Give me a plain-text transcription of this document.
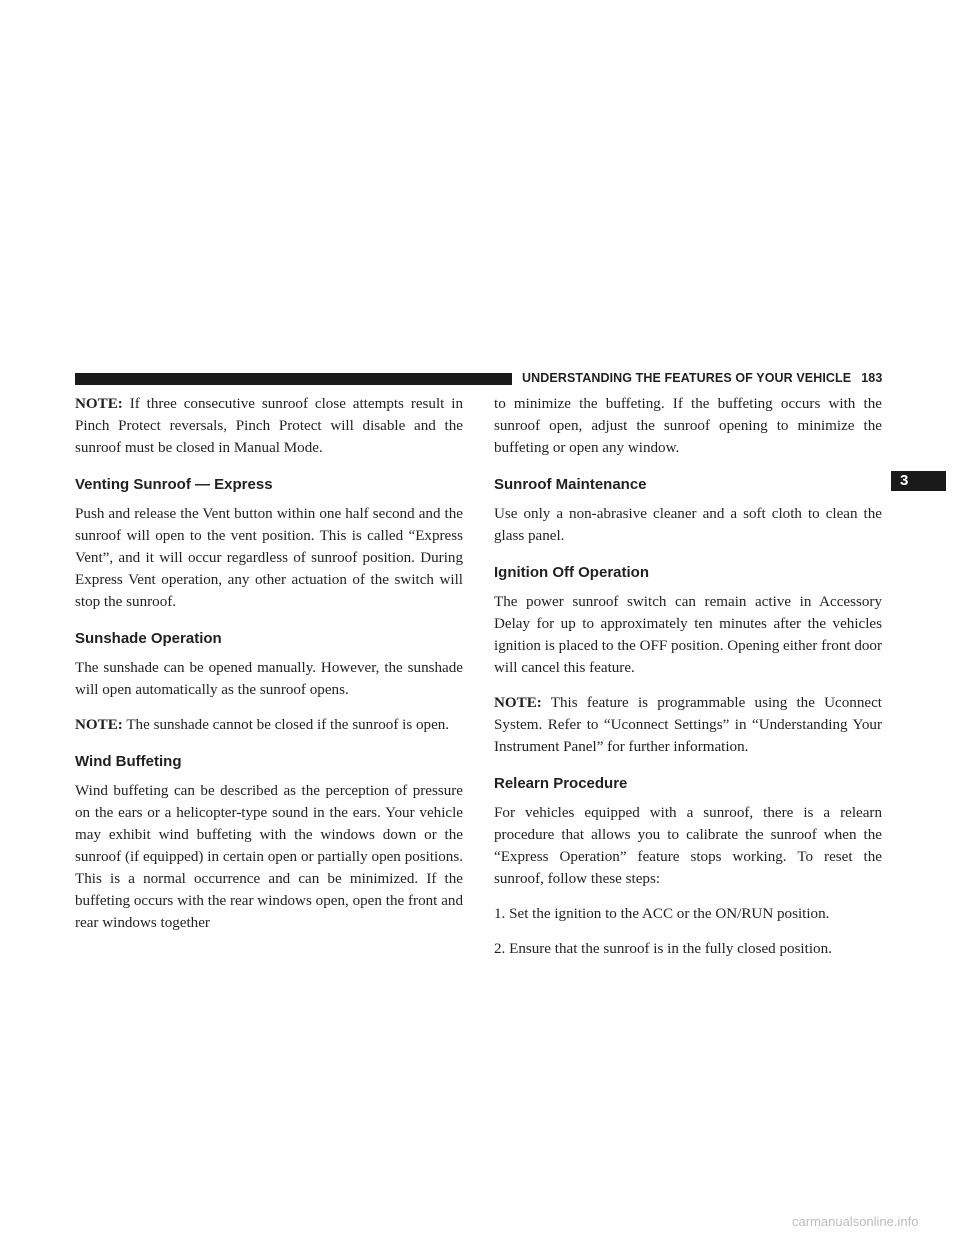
UNDERSTANDING THE FEATURES OF YOUR VEHICLE 183
3

NOTE: If three consecutive sunroof close attempts result in Pinch Protect reversals, Pinch Protect will disable and the sunroof must be closed in Manual Mode.

Venting Sunroof — Express

Push and release the Vent button within one half second and the sunroof will open to the vent position. This is called “Express Vent”, and it will occur regardless of sunroof position. During Express Vent operation, any other actuation of the switch will stop the sunroof.

Sunshade Operation

The sunshade can be opened manually. However, the sunshade will open automatically as the sunroof opens.

NOTE: The sunshade cannot be closed if the sunroof is open.

Wind Buffeting

Wind buffeting can be described as the perception of pressure on the ears or a helicopter-type sound in the ears. Your vehicle may exhibit wind buffeting with the windows down or the sunroof (if equipped) in certain open or partially open positions. This is a normal occurrence and can be minimized. If the buffeting occurs with the rear windows open, open the front and rear windows together

to minimize the buffeting. If the buffeting occurs with the sunroof open, adjust the sunroof opening to minimize the buffeting or open any window.

Sunroof Maintenance

Use only a non-abrasive cleaner and a soft cloth to clean the glass panel.

Ignition Off Operation

The power sunroof switch can remain active in Accessory Delay for up to approximately ten minutes after the vehicles ignition is placed to the OFF position. Opening either front door will cancel this feature.

NOTE: This feature is programmable using the Uconnect System. Refer to “Uconnect Settings” in “Understanding Your Instrument Panel” for further information.

Relearn Procedure

For vehicles equipped with a sunroof, there is a relearn procedure that allows you to calibrate the sunroof when the “Express Operation” feature stops working. To reset the sunroof, follow these steps:

1. Set the ignition to the ACC or the ON/RUN position.

2. Ensure that the sunroof is in the fully closed position.

carmanualsonline.info
